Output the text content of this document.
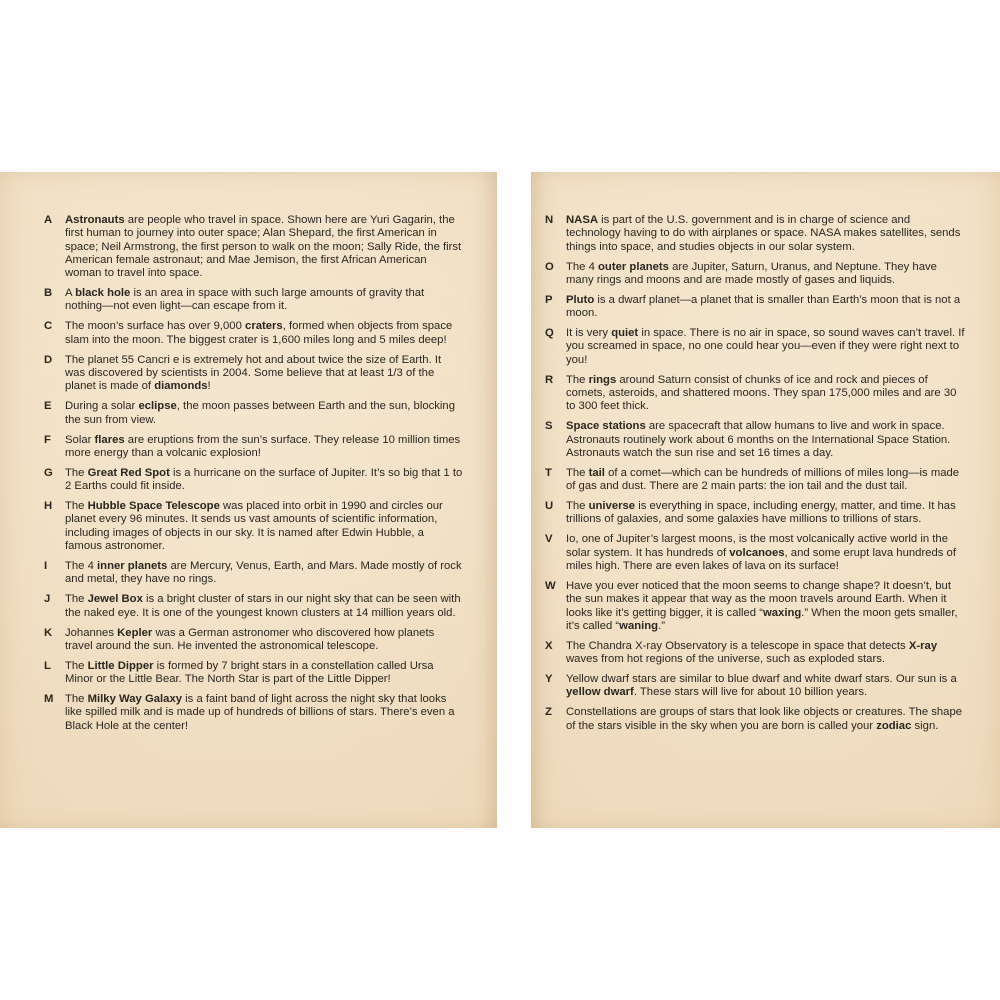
A	Astronauts are people who travel in space. Shown here are Yuri Gagarin, the first human to journey into outer space; Alan Shepard, the first American in space; Neil Armstrong, the first person to walk on the moon; Sally Ride, the first American female astronaut; and Mae Jemison, the first African American woman to travel into space.
B	A black hole is an area in space with such large amounts of gravity that nothing—not even light—can escape from it.
C	The moon’s surface has over 9,000 craters, formed when objects from space slam into the moon. The biggest crater is 1,600 miles long and 5 miles deep!
D	The planet 55 Cancri e is extremely hot and about twice the size of Earth. It was discovered by scientists in 2004. Some believe that at least 1/3 of the planet is made of diamonds!
E	During a solar eclipse, the moon passes between Earth and the sun, blocking the sun from view.
F	Solar flares are eruptions from the sun’s surface. They release 10 million times more energy than a volcanic explosion!
G	The Great Red Spot is a hurricane on the surface of Jupiter. It’s so big that 1 to 2 Earths could fit inside.
H	The Hubble Space Telescope was placed into orbit in 1990 and circles our planet every 96 minutes. It sends us vast amounts of scientific information, including images of objects in our sky. It is named after Edwin Hubble, a famous astronomer.
I	The 4 inner planets are Mercury, Venus, Earth, and Mars. Made mostly of rock and metal, they have no rings.
J	The Jewel Box is a bright cluster of stars in our night sky that can be seen with the naked eye. It is one of the youngest known clusters at 14 million years old.
K	Johannes Kepler was a German astronomer who discovered how planets travel around the sun. He invented the astronomical telescope.
L	The Little Dipper is formed by 7 bright stars in a constellation called Ursa Minor or the Little Bear. The North Star is part of the Little Dipper!
M	The Milky Way Galaxy is a faint band of light across the night sky that looks like spilled milk and is made up of hundreds of billions of stars. There’s even a Black Hole at the center!
N	NASA is part of the U.S. government and is in charge of science and technology having to do with airplanes or space. NASA makes satellites, sends things into space, and studies objects in our solar system.
O	The 4 outer planets are Jupiter, Saturn, Uranus, and Neptune. They have many rings and moons and are made mostly of gases and liquids.
P	Pluto is a dwarf planet—a planet that is smaller than Earth’s moon that is not a moon.
Q	It is very quiet in space. There is no air in space, so sound waves can’t travel. If you screamed in space, no one could hear you—even if they were right next to you!
R	The rings around Saturn consist of chunks of ice and rock and pieces of comets, asteroids, and shattered moons. They span 175,000 miles and are 30 to 300 feet thick.
S	Space stations are spacecraft that allow humans to live and work in space. Astronauts routinely work about 6 months on the International Space Station. Astronauts watch the sun rise and set 16 times a day.
T	The tail of a comet—which can be hundreds of millions of miles long—is made of gas and dust. There are 2 main parts: the ion tail and the dust tail.
U	The universe is everything in space, including energy, matter, and time. It has trillions of galaxies, and some galaxies have millions to trillions of stars.
V	Io, one of Jupiter’s largest moons, is the most volcanically active world in the solar system. It has hundreds of volcanoes, and some erupt lava hundreds of miles high. There are even lakes of lava on its surface!
W Have you ever noticed that the moon seems to change shape? It doesn’t, but the sun makes it appear that way as the moon travels around Earth. When it looks like it’s getting bigger, it is called “waxing.” When the moon gets smaller, it’s called “waning.”
X	The Chandra X-ray Observatory is a telescope in space that detects X-ray waves from hot regions of the universe, such as exploded stars.
Y	Yellow dwarf stars are similar to blue dwarf and white dwarf stars. Our sun is a yellow dwarf. These stars will live for about 10 billion years.
Z	Constellations are groups of stars that look like objects or creatures. The shape of the stars visible in the sky when you are born is called your zodiac sign.
